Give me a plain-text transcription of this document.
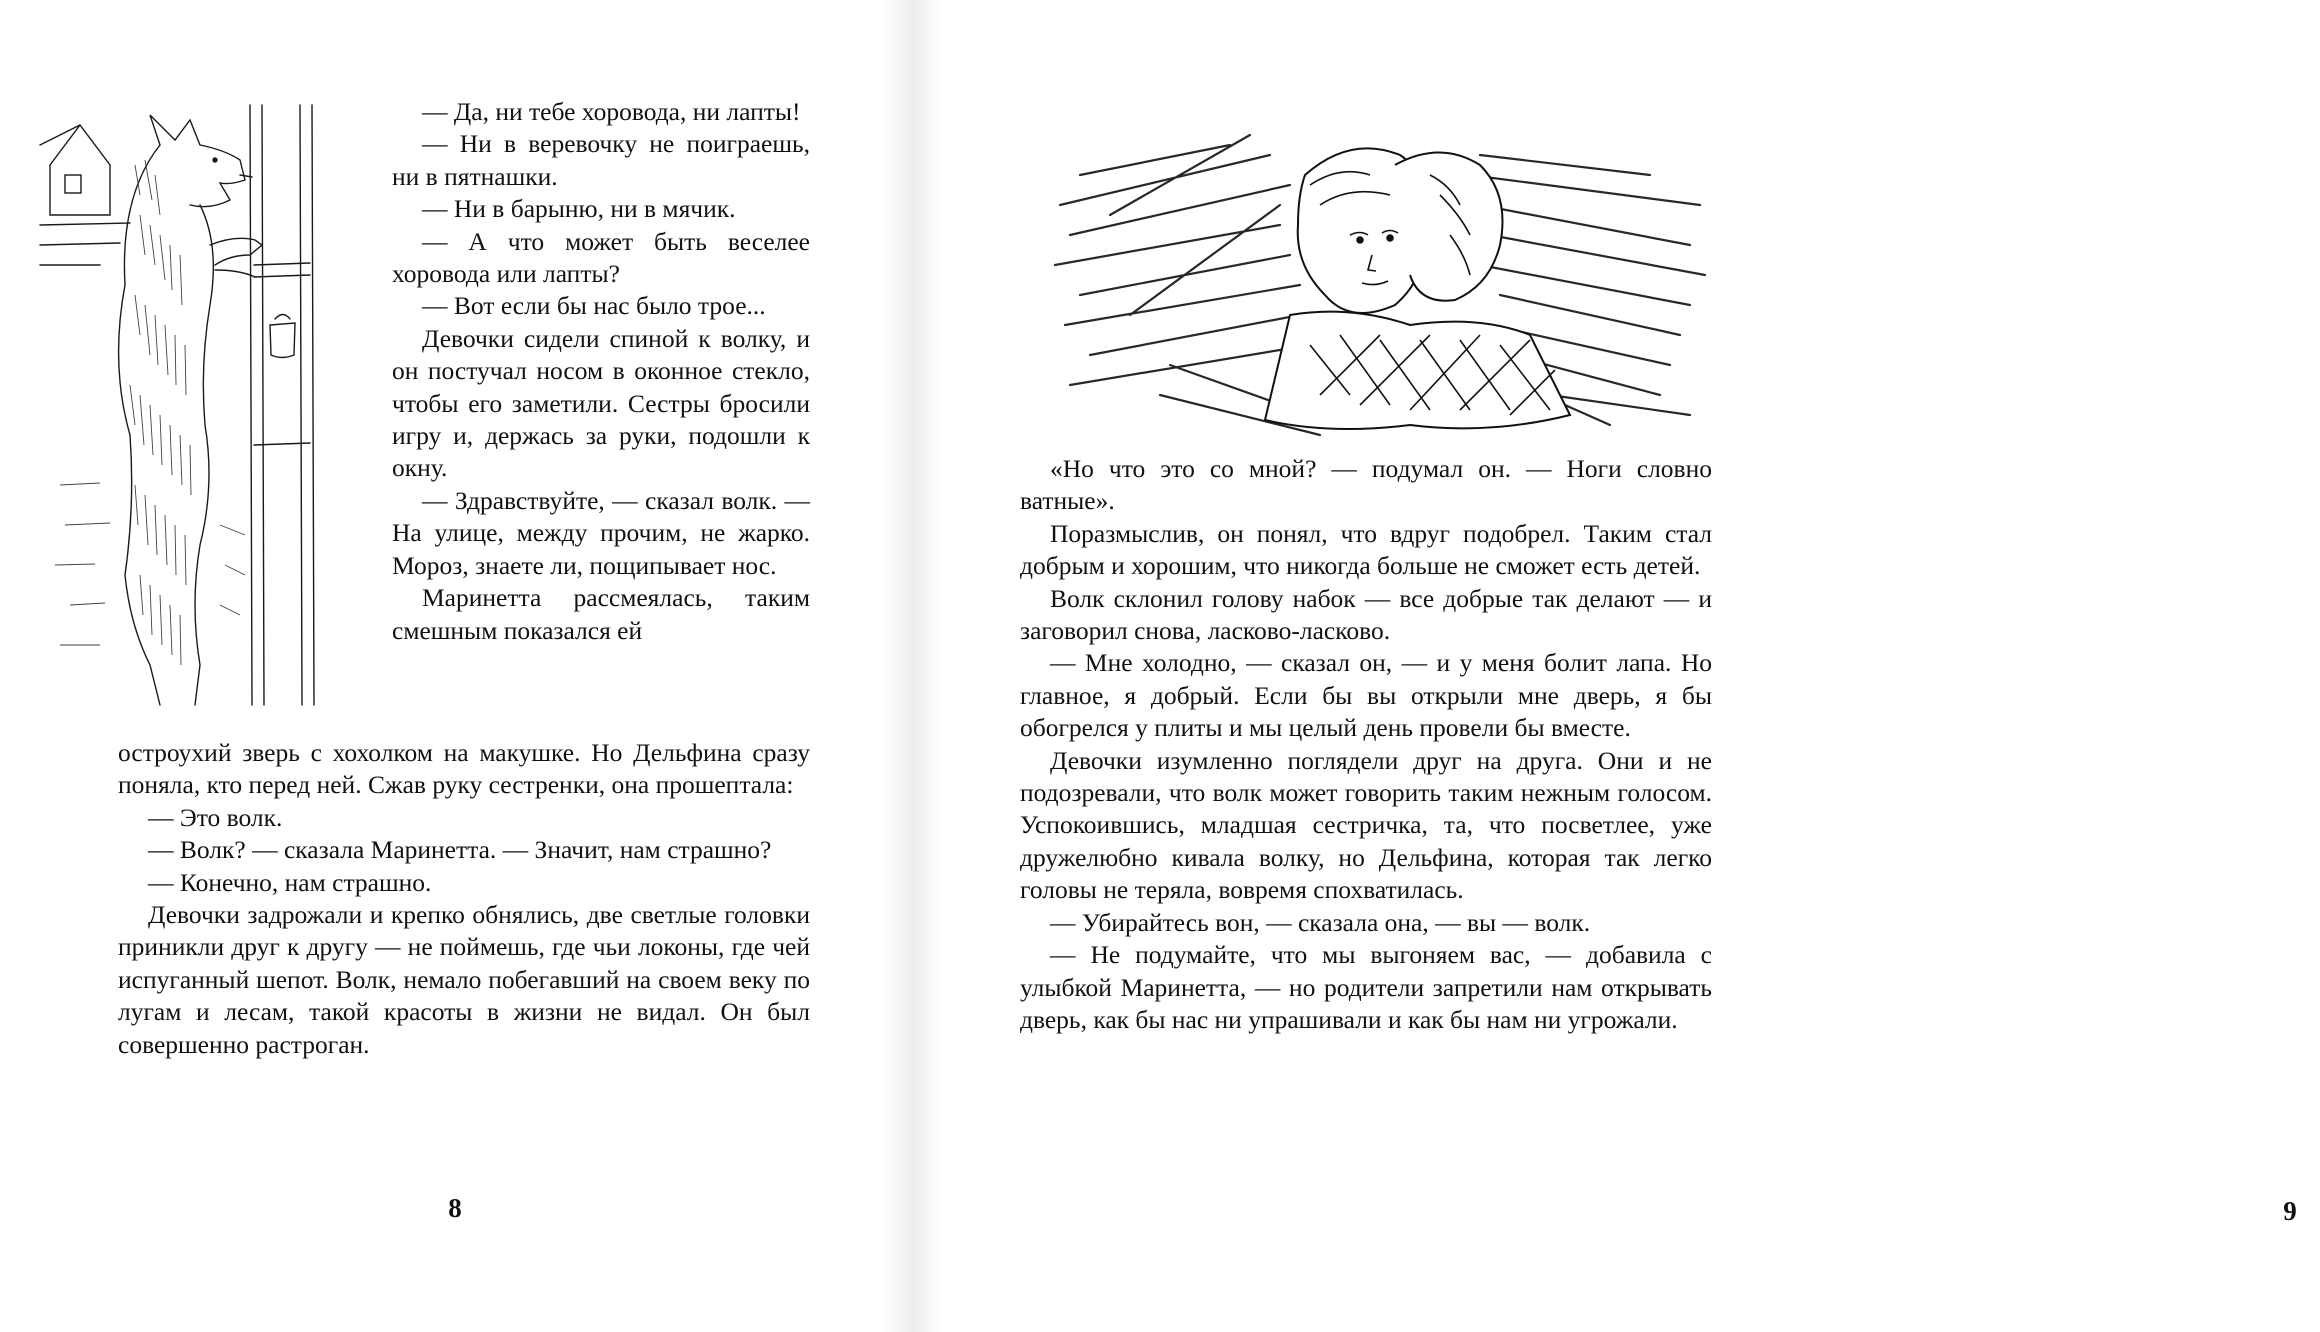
— Да, ни тебе хоровода, ни лапты!

— Ни в веревочку не поиграешь, ни в пятнашки.

— Ни в барыню, ни в мячик.

— А что может быть веселее хоровода или лапты?

— Вот если бы нас было трое...

Девочки сидели спиной к волку, и он постучал носом в оконное стекло, чтобы его заметили. Сестры бросили игру и, держась за руки, подошли к окну.

— Здравствуйте, — сказал волк. — На улице, между прочим, не жарко. Мороз, знаете ли, пощипывает нос.

Маринетта рассмеялась, таким смешным показался ей

остроухий зверь с хохолком на макушке. Но Дельфина сразу поняла, кто перед ней. Сжав руку сестренки, она прошептала:

— Это волк.

— Волк? — сказала Маринетта. — Значит, нам страшно?

— Конечно, нам страшно.

Девочки задрожали и крепко обнялись, две светлые головки приникли друг к другу — не поймешь, где чьи локоны, где чей испуганный шепот. Волк, немало побегавший на своем веку по лугам и лесам, такой красоты в жизни не видал. Он был совершенно растроган.

8

«Но что это со мной? — подумал он. — Ноги словно ватные».

Поразмыслив, он понял, что вдруг подобрел. Таким стал добрым и хорошим, что никогда больше не сможет есть детей.

Волк склонил голову набок — все добрые так делают — и заговорил снова, ласково-ласково.

— Мне холодно, — сказал он, — и у меня болит лапа. Но главное, я добрый. Если бы вы открыли мне дверь, я бы обогрелся у плиты и мы целый день провели бы вместе.

Девочки изумленно поглядели друг на друга. Они и не подозревали, что волк может говорить таким нежным голосом. Успокоившись, младшая сестричка, та, что посветлее, уже дружелюбно кивала волку, но Дельфина, которая так легко головы не теряла, вовремя спохватилась.

— Убирайтесь вон, — сказала она, — вы — волк.

— Не подумайте, что мы выгоняем вас, — добавила с улыбкой Маринетта, — но родители запретили нам открывать дверь, как бы нас ни упрашивали и как бы нам ни угрожали.

9
